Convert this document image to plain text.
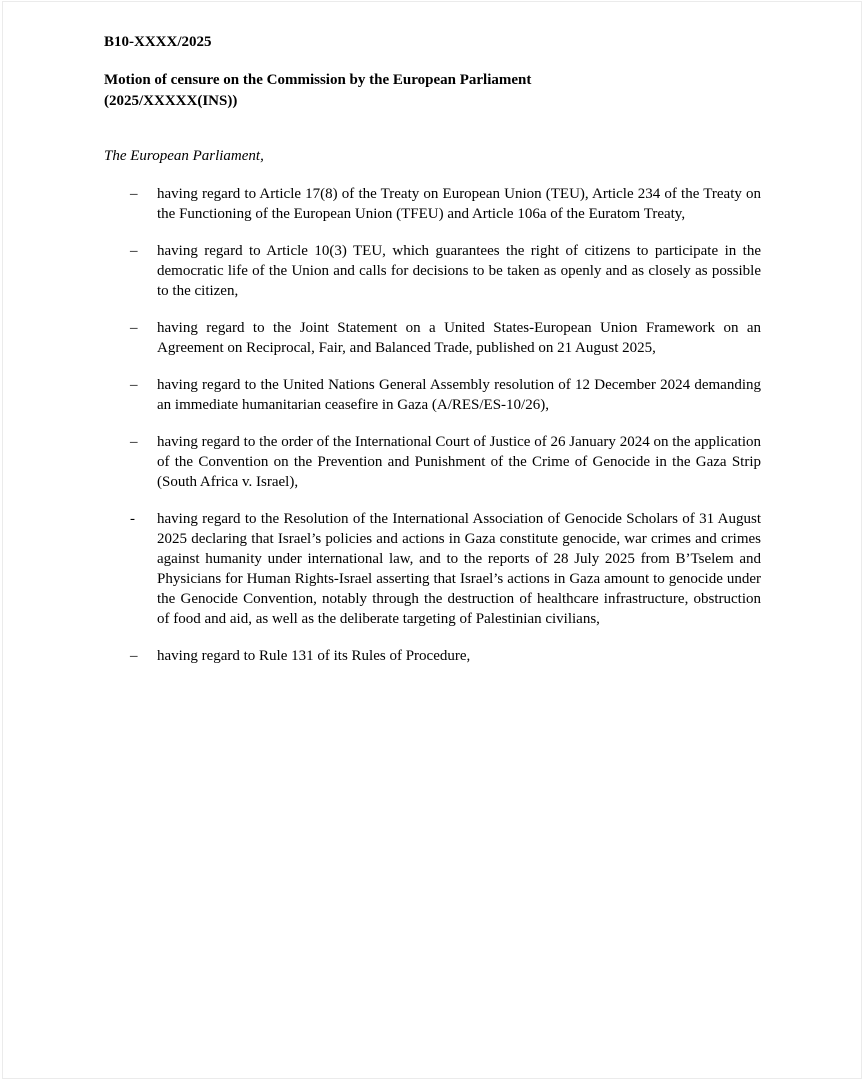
B10-XXXX/2025

Motion of censure on the Commission by the European Parliament
(2025/XXXXX(INS))

The European Parliament,

– having regard to Article 17(8) of the Treaty on European Union (TEU), Article 234 of the Treaty on the Functioning of the European Union (TFEU) and Article 106a of the Euratom Treaty,

– having regard to Article 10(3) TEU, which guarantees the right of citizens to participate in the democratic life of the Union and calls for decisions to be taken as openly and as closely as possible to the citizen,

– having regard to the Joint Statement on a United States-European Union Framework on an Agreement on Reciprocal, Fair, and Balanced Trade, published on 21 August 2025,

– having regard to the United Nations General Assembly resolution of 12 December 2024 demanding an immediate humanitarian ceasefire in Gaza (A/RES/ES-10/26),

– having regard to the order of the International Court of Justice of 26 January 2024 on the application of the Convention on the Prevention and Punishment of the Crime of Genocide in the Gaza Strip (South Africa v. Israel),

- having regard to the Resolution of the International Association of Genocide Scholars of 31 August 2025 declaring that Israel’s policies and actions in Gaza constitute genocide, war crimes and crimes against humanity under international law, and to the reports of 28 July 2025 from B’Tselem and Physicians for Human Rights-Israel asserting that Israel’s actions in Gaza amount to genocide under the Genocide Convention, notably through the destruction of healthcare infrastructure, obstruction of food and aid, as well as the deliberate targeting of Palestinian civilians,

– having regard to Rule 131 of its Rules of Procedure,
